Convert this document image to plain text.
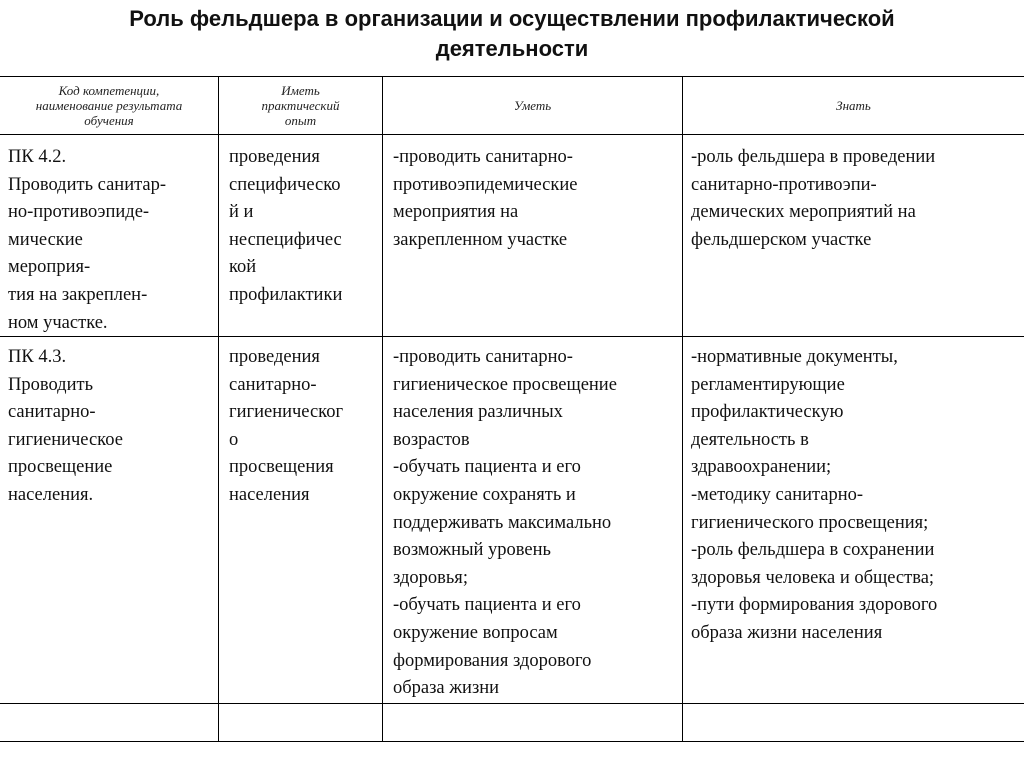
Роль фельдшера в организации и осуществлении профилактической
деятельности
Код компетенции,
наименование результата
обучения
Иметь
практический
опыт
Уметь	Знать
ПК 4.2.
Проводить санитар-
но-противоэпиде-
мические
мероприя-
тия на закреплен-
ном участке.
проведения
специфическо
й и
неспецифичес
кой
профилактики
-проводить санитарно-
противоэпидемические
мероприятия на
закрепленном участке
-роль фельдшера в проведении
санитарно-противоэпи-
демических мероприятий на
фельдшерском участке
ПК 4.3.
Проводить
санитарно-
гигиеническое
просвещение
населения.
проведения
санитарно-
гигиеническог
о
просвещения
населения
-проводить санитарно-
гигиеническое просвещение
населения различных
возрастов
-обучать пациента и его
окружение сохранять и
поддерживать максимально
возможный уровень
здоровья;
-обучать пациента и его
окружение вопросам
формирования здорового
образа жизни
-нормативные документы,
регламентирующие
профилактическую
деятельность в
здравоохранении;
-методику санитарно-
гигиенического просвещения;
-роль фельдшера в сохранении
здоровья человека и общества;
-пути формирования здорового
образа жизни населения
